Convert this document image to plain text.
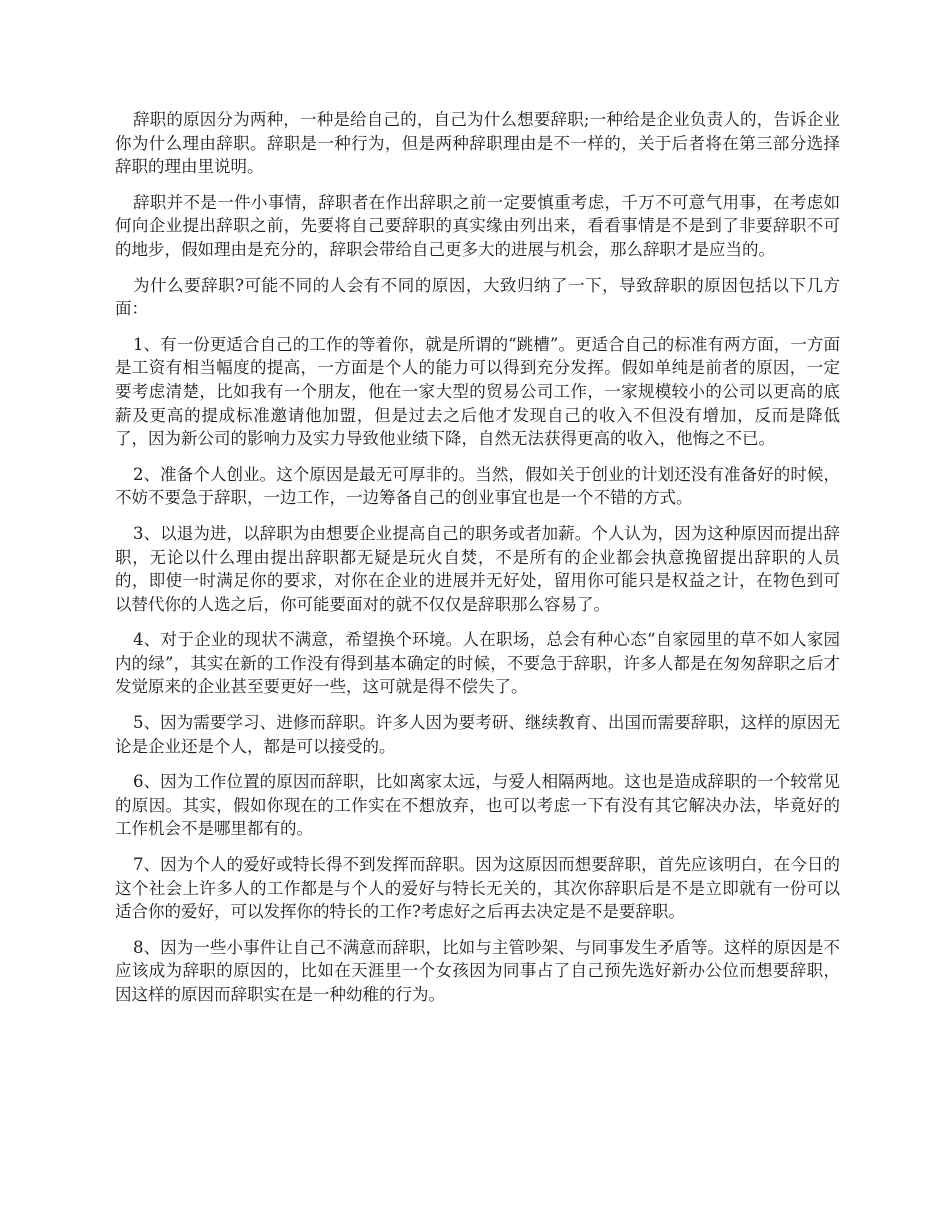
辞职的原因分为两种，一种是给自己的，自己为什么想要辞职;一种给是企业负责人的，告诉企业你为什么理由辞职。辞职是一种行为，但是两种辞职理由是不一样的，关于后者将在第三部分选择辞职的理由里说明。

辞职并不是一件小事情，辞职者在作出辞职之前一定要慎重考虑，千万不可意气用事，在考虑如何向企业提出辞职之前，先要将自己要辞职的真实缘由列出来，看看事情是不是到了非要辞职不可的地步，假如理由是充分的，辞职会带给自己更多大的进展与机会，那么辞职才是应当的。

为什么要辞职?可能不同的人会有不同的原因，大致归纳了一下，导致辞职的原因包括以下几方面：

1、有一份更适合自己的工作的等着你，就是所谓的“跳槽”。更适合自己的标准有两方面，一方面是工资有相当幅度的提高，一方面是个人的能力可以得到充分发挥。假如单纯是前者的原因，一定要考虑清楚，比如我有一个朋友，他在一家大型的贸易公司工作，一家规模较小的公司以更高的底薪及更高的提成标准邀请他加盟，但是过去之后他才发现自己的收入不但没有增加，反而是降低了，因为新公司的影响力及实力导致他业绩下降，自然无法获得更高的收入，他悔之不已。

2、准备个人创业。这个原因是最无可厚非的。当然，假如关于创业的计划还没有准备好的时候，不妨不要急于辞职，一边工作，一边筹备自己的创业事宜也是一个不错的方式。

3、以退为进，以辞职为由想要企业提高自己的职务或者加薪。个人认为，因为这种原因而提出辞职，无论以什么理由提出辞职都无疑是玩火自焚，不是所有的企业都会执意挽留提出辞职的人员的，即使一时满足你的要求，对你在企业的进展并无好处，留用你可能只是权益之计，在物色到可以替代你的人选之后，你可能要面对的就不仅仅是辞职那么容易了。

4、对于企业的现状不满意，希望换个环境。人在职场，总会有种心态“自家园里的草不如人家园内的绿”，其实在新的工作没有得到基本确定的时候，不要急于辞职，许多人都是在匆匆辞职之后才发觉原来的企业甚至要更好一些，这可就是得不偿失了。

5、因为需要学习、进修而辞职。许多人因为要考研、继续教育、出国而需要辞职，这样的原因无论是企业还是个人，都是可以接受的。

6、因为工作位置的原因而辞职，比如离家太远，与爱人相隔两地。这也是造成辞职的一个较常见的原因。其实，假如你现在的工作实在不想放弃，也可以考虑一下有没有其它解决办法，毕竟好的工作机会不是哪里都有的。

7、因为个人的爱好或特长得不到发挥而辞职。因为这原因而想要辞职，首先应该明白，在今日的这个社会上许多人的工作都是与个人的爱好与特长无关的，其次你辞职后是不是立即就有一份可以适合你的爱好，可以发挥你的特长的工作?考虑好之后再去决定是不是要辞职。

8、因为一些小事件让自己不满意而辞职，比如与主管吵架、与同事发生矛盾等。这样的原因是不应该成为辞职的原因的，比如在天涯里一个女孩因为同事占了自己预先选好新办公位而想要辞职，因这样的原因而辞职实在是一种幼稚的行为。
